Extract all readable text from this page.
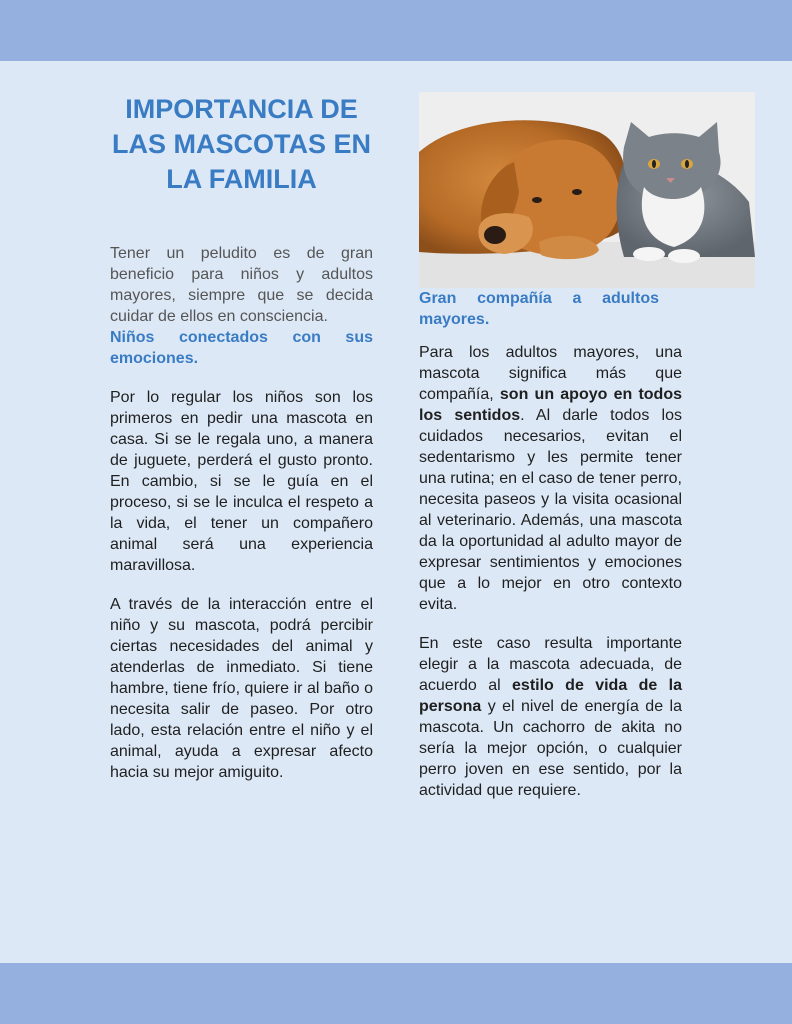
IMPORTANCIA DE LAS MASCOTAS EN LA FAMILIA

Tener un peludito es de gran beneficio para niños y adultos mayores, siempre que se decida cuidar de ellos en consciencia.

Niños conectados con sus emociones.

Por lo regular los niños son los primeros en pedir una mascota en casa. Si se le regala uno, a manera de juguete, perderá el gusto pronto. En cambio, si se le guía en el proceso, si se le inculca el respeto a la vida, el tener un compañero animal será una experiencia maravillosa.

A través de la interacción entre el niño y su mascota, podrá percibir ciertas necesidades del animal y atenderlas de inmediato. Si tiene hambre, tiene frío, quiere ir al baño o necesita salir de paseo. Por otro lado, esta relación entre el niño y el animal, ayuda a expresar afecto hacia su mejor amiguito.

Gran compañía a adultos mayores.

Para los adultos mayores, una mascota significa más que compañía, son un apoyo en todos los sentidos. Al darle todos los cuidados necesarios, evitan el sedentarismo y les permite tener una rutina; en el caso de tener perro, necesita paseos y la visita ocasional al veterinario. Además, una mascota da la oportunidad al adulto mayor de expresar sentimientos y emociones que a lo mejor en otro contexto evita.

En este caso resulta importante elegir a la mascota adecuada, de acuerdo al estilo de vida de la persona y el nivel de energía de la mascota. Un cachorro de akita no sería la mejor opción, o cualquier perro joven en ese sentido, por la actividad que requiere.
